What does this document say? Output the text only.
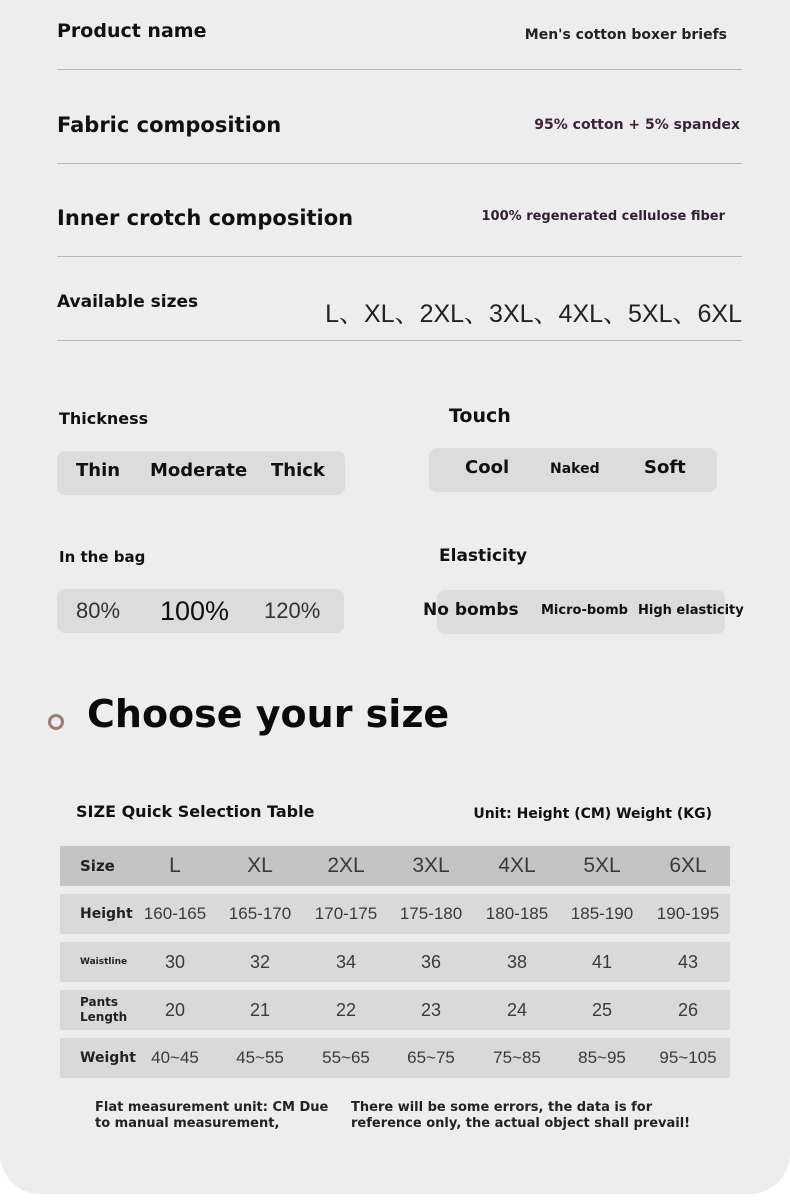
Product name	Men's cotton boxer briefs
Fabric composition	95% cotton + 5% spandex
Inner crotch composition	100% regenerated cellulose fiber
Available sizes	L、XL、2XL、3XL、4XL、5XL、6XL
Thickness
Thin Moderate Thick
Touch
Cool	Naked Soft
In the bag
80% 100% 120%
Elasticity
No bombs Micro-bomb High elasticity
Choose your size
SIZE Quick Selection Table	Unit: Height (CM) Weight (KG)
Size	L	XL	2XL	3XL	4XL	5XL	6XL
Height 160-165	165-170	170-175	175-180	180-185	185-190	190-195
Waistline	30	32	34	36	38	41	43
Pants Length	20	21	22	23	24	25	26
Weight 40~45	45~55	55~65	65~75	75~85	85~95	95~105
Flat measurement unit: CM Due to manual measurement,
There will be some errors, the data is for reference only, the actual object shall prevail!
